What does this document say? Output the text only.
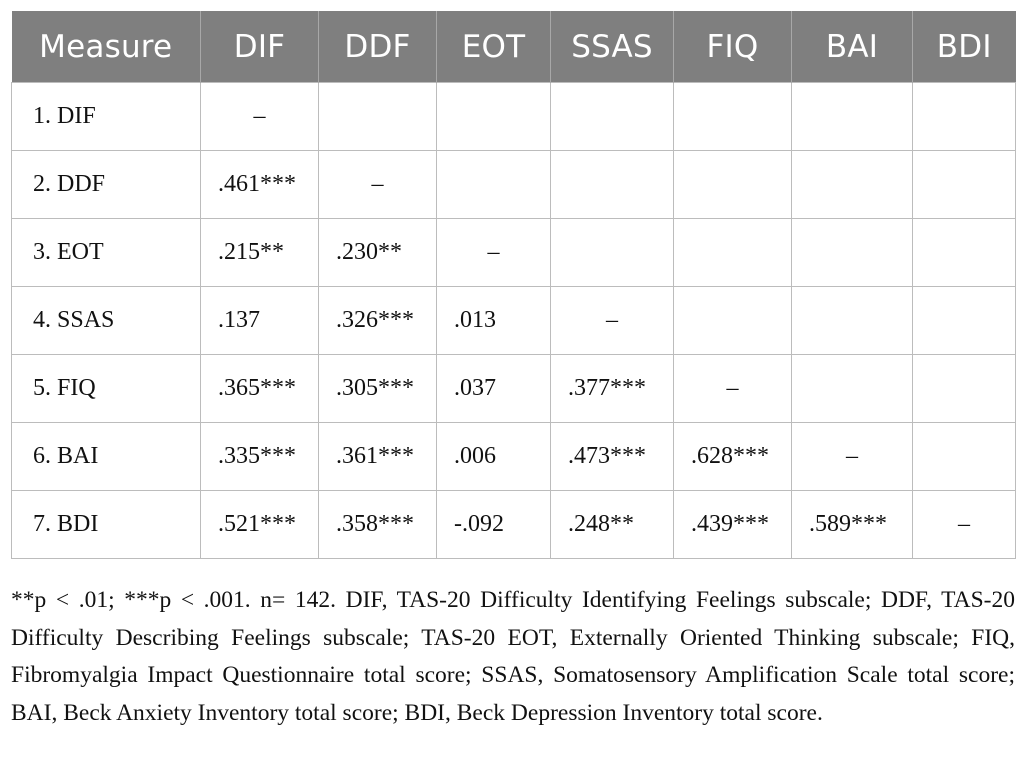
Measure	DIF	DDF	EOT	SSAS	FIQ	BAI	BDI
1. DIF	–						
2. DDF	.461***	–					
3. EOT	.215**	.230**	–				
4. SSAS	.137	.326***	.013	–			
5. FIQ	.365***	.305***	.037	.377***	–		
6. BAI	.335***	.361***	.006	.473***	.628***	–	
7. BDI	.521***	.358***	-.092	.248**	.439***	.589***	–

**p < .01; ***p < .001. n= 142. DIF, TAS-20 Difficulty Identifying Feelings subscale; DDF, TAS-20 Difficulty Describing Feelings subscale; TAS-20 EOT, Externally Oriented Thinking subscale; FIQ, Fibromyalgia Impact Questionnaire total score; SSAS, Somatosensory Amplification Scale total score; BAI, Beck Anxiety Inventory total score; BDI, Beck Depression Inventory total score.
